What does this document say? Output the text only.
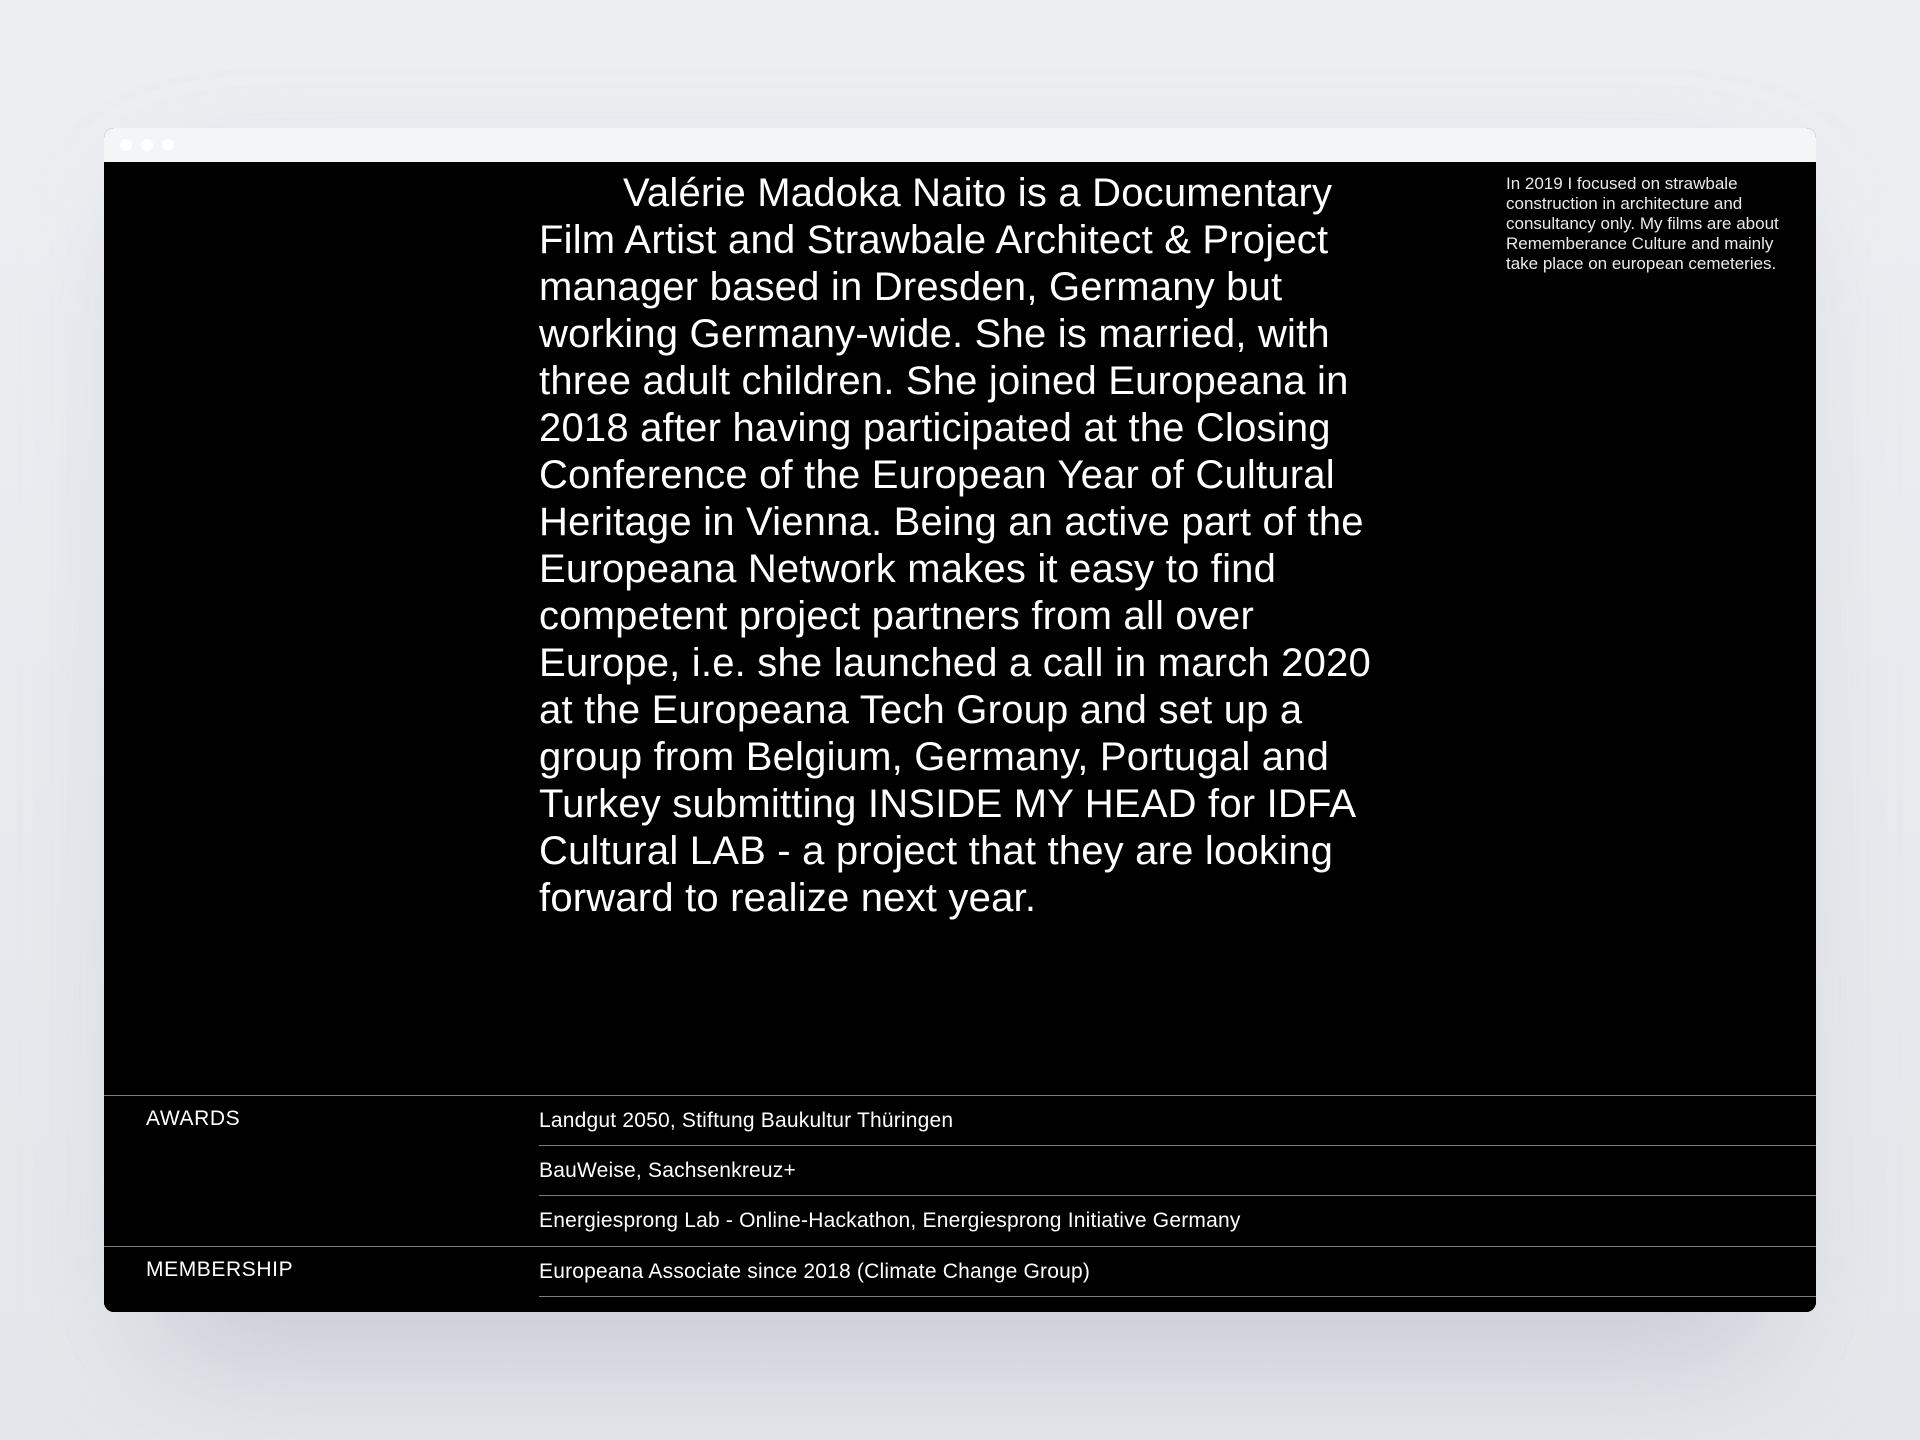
Valérie Madoka Naito is a Documentary Film Artist and Strawbale Architect & Project manager based in Dresden, Germany but working Germany-wide. She is married, with three adult children. She joined Europeana in 2018 after having participated at the Closing Conference of the European Year of Cultural Heritage in Vienna. Being an active part of the Europeana Network makes it easy to find competent project partners from all over Europe, i.e. she launched a call in march 2020 at the Europeana Tech Group and set up a group from Belgium, Germany, Portugal and Turkey submitting INSIDE MY HEAD for IDFA Cultural LAB - a project that they are looking forward to realize next year.

In 2019 I focused on strawbale construction in architecture and consultancy only. My films are about Rememberance Culture and mainly take place on european cemeteries.

AWARDS	Landgut 2050, Stiftung Baukultur Thüringen
BauWeise, Sachsenkreuz+
Energiesprong Lab - Online-Hackathon, Energiesprong Initiative Germany
MEMBERSHIP	Europeana Associate since 2018 (Climate Change Group)
